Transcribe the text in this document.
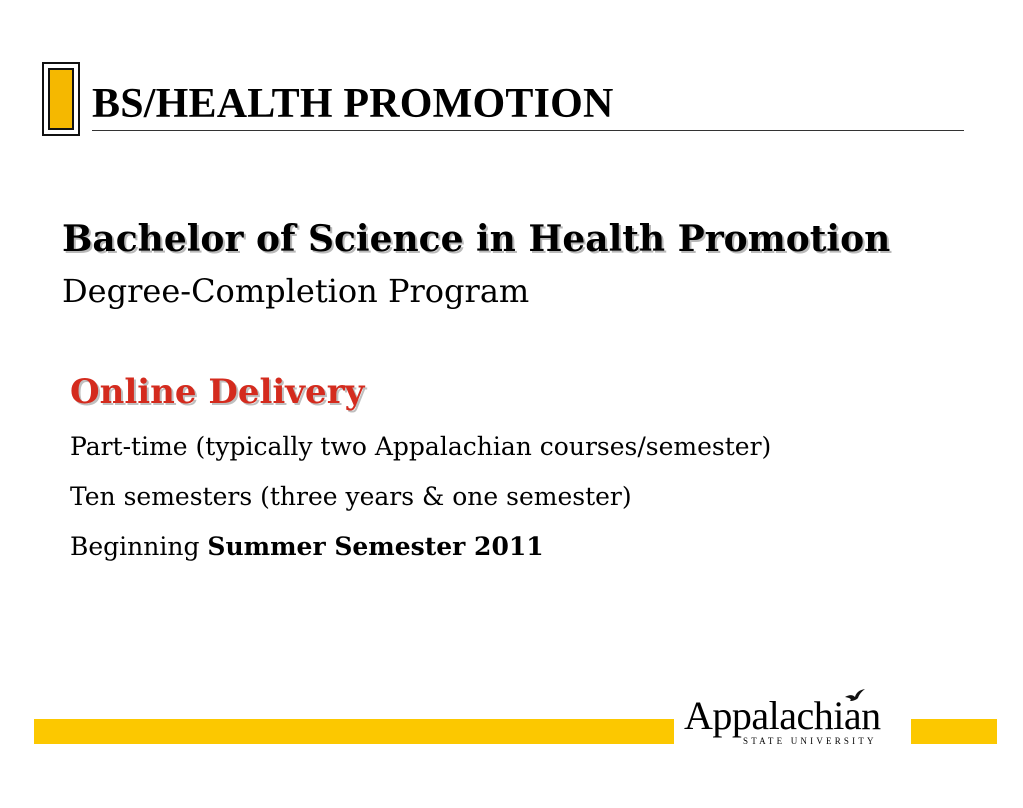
BS/HEALTH PROMOTION
Bachelor of Science in Health Promotion
Degree-Completion Program
Online Delivery
Part-time (typically two Appalachian courses/semester)
Ten semesters (three years & one semester)
Beginning Summer Semester 2011
Appalachian
STATE UNIVERSITY
